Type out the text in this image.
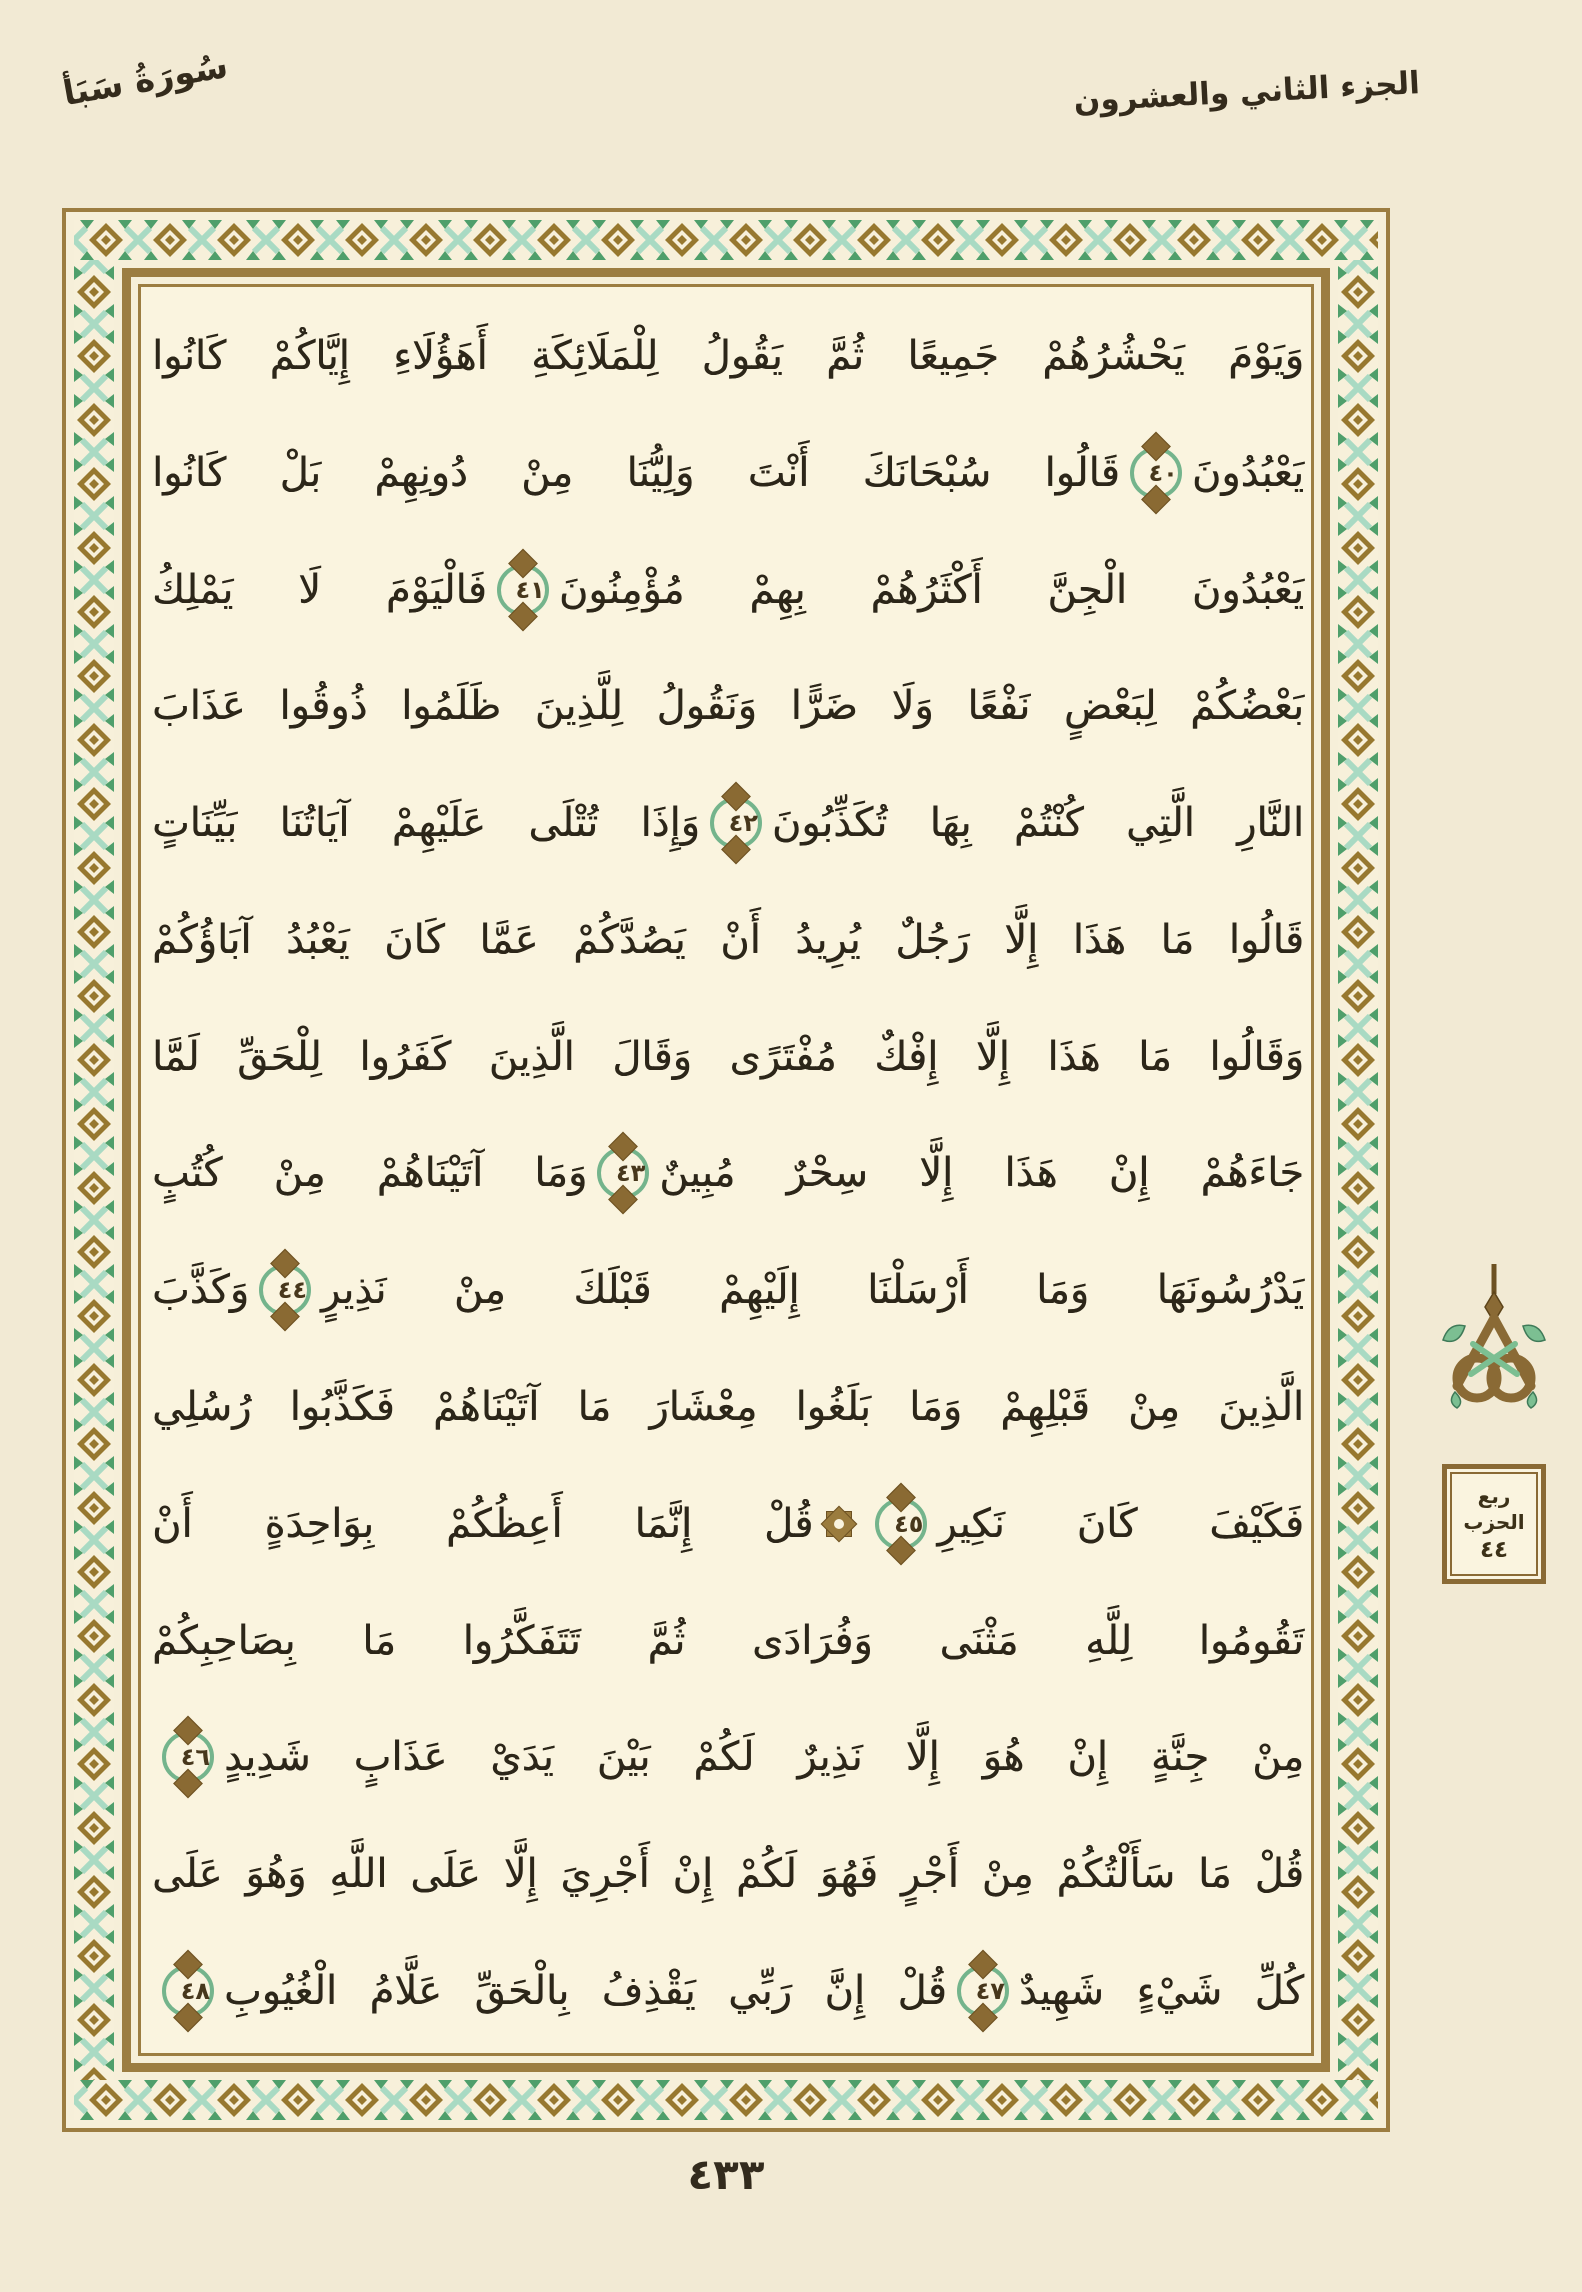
سُورَةُ سَبَأ	الجزء الثاني والعشرون
وَيَوْمَ يَحْشُرُهُمْ جَمِيعًا ثُمَّ يَقُولُ لِلْمَلَائِكَةِ أَهَؤُلَاءِ إِيَّاكُمْ كَانُوا
يَعْبُدُونَ٤٠قَالُوا سُبْحَانَكَ أَنْتَ وَلِيُّنَا مِنْ دُونِهِمْ بَلْ كَانُوا
يَعْبُدُونَ الْجِنَّ أَكْثَرُهُمْ بِهِمْ مُؤْمِنُونَ٤١فَالْيَوْمَ لَا يَمْلِكُ
بَعْضُكُمْ لِبَعْضٍ نَفْعًا وَلَا ضَرًّا وَنَقُولُ لِلَّذِينَ ظَلَمُوا ذُوقُوا عَذَابَ
النَّارِ الَّتِي كُنْتُمْ بِهَا تُكَذِّبُونَ٤٢وَإِذَا تُتْلَى عَلَيْهِمْ آيَاتُنَا بَيِّنَاتٍ
قَالُوا مَا هَذَا إِلَّا رَجُلٌ يُرِيدُ أَنْ يَصُدَّكُمْ عَمَّا كَانَ يَعْبُدُ آبَاؤُكُمْ
وَقَالُوا مَا هَذَا إِلَّا إِفْكٌ مُفْتَرًى وَقَالَ الَّذِينَ كَفَرُوا لِلْحَقِّ لَمَّا
جَاءَهُمْ إِنْ هَذَا إِلَّا سِحْرٌ مُبِينٌ٤٣وَمَا آتَيْنَاهُمْ مِنْ كُتُبٍ
يَدْرُسُونَهَا وَمَا أَرْسَلْنَا إِلَيْهِمْ قَبْلَكَ مِنْ نَذِيرٍ٤٤وَكَذَّبَ
الَّذِينَ مِنْ قَبْلِهِمْ وَمَا بَلَغُوا مِعْشَارَ مَا آتَيْنَاهُمْ فَكَذَّبُوا رُسُلِي
فَكَيْفَ كَانَ نَكِيرِ٤٥
قُلْ إِنَّمَا أَعِظُكُمْ بِوَاحِدَةٍ أَنْ
تَقُومُوا لِلَّهِ مَثْنَى وَفُرَادَى ثُمَّ تَتَفَكَّرُوا مَا بِصَاحِبِكُمْ
مِنْ جِنَّةٍ إِنْ هُوَ إِلَّا نَذِيرٌ لَكُمْ بَيْنَ يَدَيْ عَذَابٍ شَدِيدٍ٤٦
قُلْ مَا سَأَلْتُكُمْ مِنْ أَجْرٍ فَهُوَ لَكُمْ إِنْ أَجْرِيَ إِلَّا عَلَى اللَّهِ وَهُوَ عَلَى
كُلِّ شَيْءٍ شَهِيدٌ٤٧قُلْ إِنَّ رَبِّي يَقْذِفُ بِالْحَقِّ عَلَّامُ الْغُيُوبِ٤٨
ربع
الحزب
٤٤
٤٣٣
